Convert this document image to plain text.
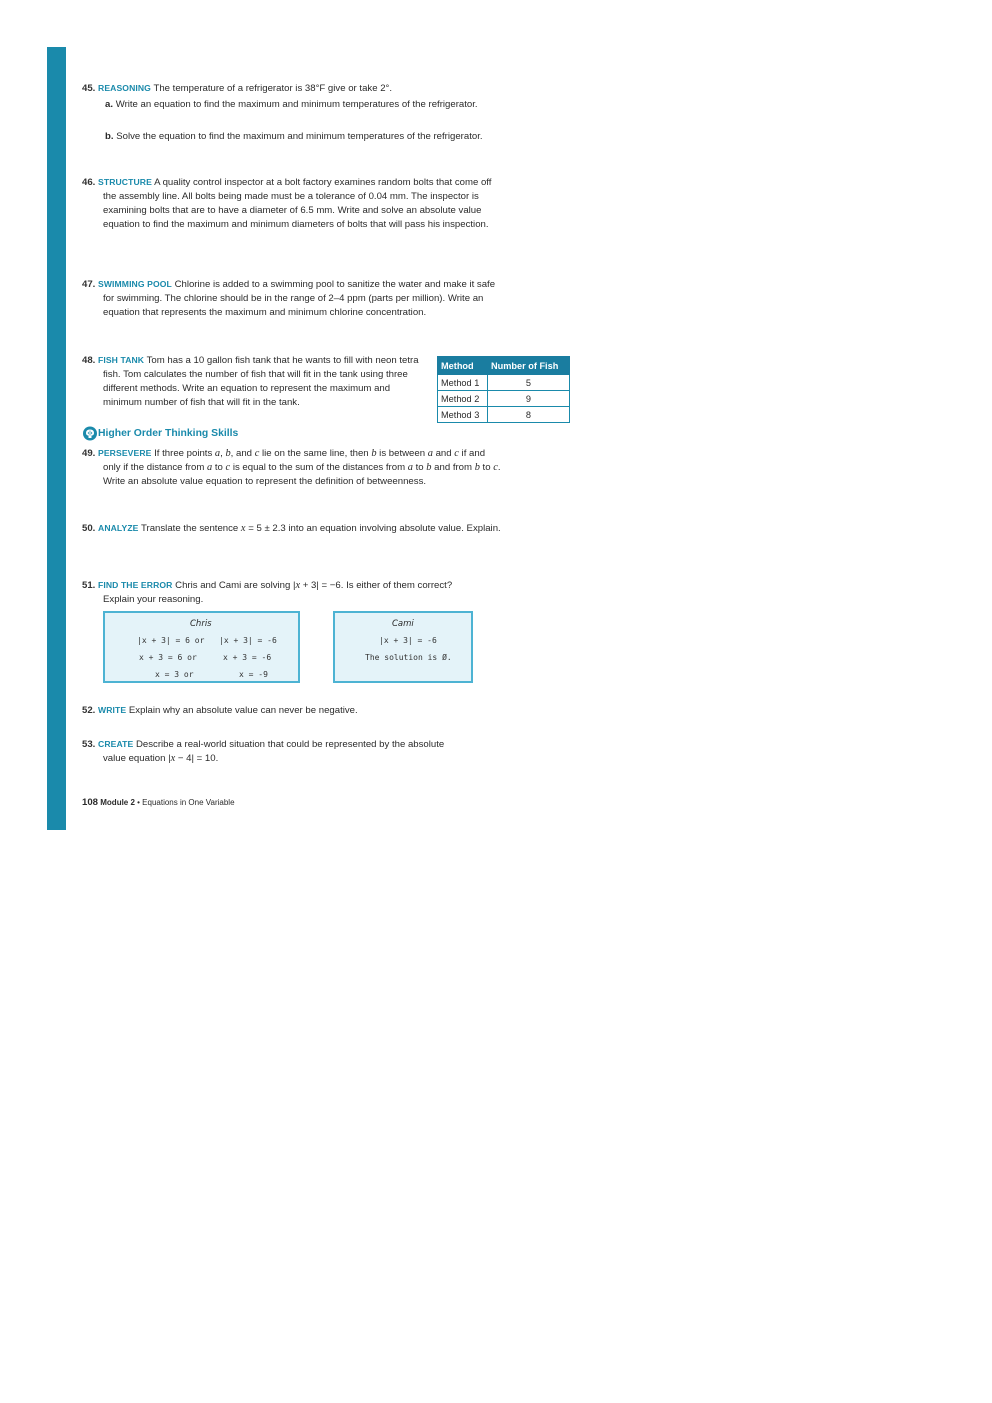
45. REASONING The temperature of a refrigerator is 38°F give or take 2°.

a. Write an equation to find the maximum and minimum temperatures of the refrigerator.
b. Solve the equation to find the maximum and minimum temperatures of the refrigerator.

46. STRUCTURE A quality control inspector at a bolt factory examines random bolts that come off the assembly line. All bolts being made must be a tolerance of 0.04 mm. The inspector is examining bolts that are to have a diameter of 6.5 mm. Write and solve an absolute value equation to find the maximum and minimum diameters of bolts that will pass his inspection.

47. SWIMMING POOL Chlorine is added to a swimming pool to sanitize the water and make it safe for swimming. The chlorine should be in the range of 2–4 ppm (parts per million). Write an equation that represents the maximum and minimum chlorine concentration.

48. FISH TANK Tom has a 10 gallon fish tank that he wants to fill with neon tetra fish. Tom calculates the number of fish that will fit in the tank using three different methods. Write an equation to represent the maximum and minimum number of fish that will fit in the tank.

Method	Number of Fish
Method 1	5
Method 2	9
Method 3	8
Higher Order Thinking Skills

49. PERSEVERE If three points a, b, and c lie on the same line, then b is between a and c if and only if the distance from a to c is equal to the sum of the distances from a to b and from b to c. Write an absolute value equation to represent the definition of betweenness.

50. ANALYZE Translate the sentence x = 5 ± 2.3 into an equation involving absolute value. Explain.

51. FIND THE ERROR Chris and Cami are solving |x + 3| = −6. Is either of them correct? Explain your reasoning.

Chris
|x + 3| = 6 or |x + 3| = -6
x + 3 = 6 or	x + 3 = -6
x = 3 or	x = -9
Cami
|x + 3| = -6
The solution is Ø.

52. WRITE Explain why an absolute value can never be negative.

53. CREATE Describe a real-world situation that could be represented by the absolute value equation |x − 4| = 10.

108 Module 2 • Equations in One Variable
